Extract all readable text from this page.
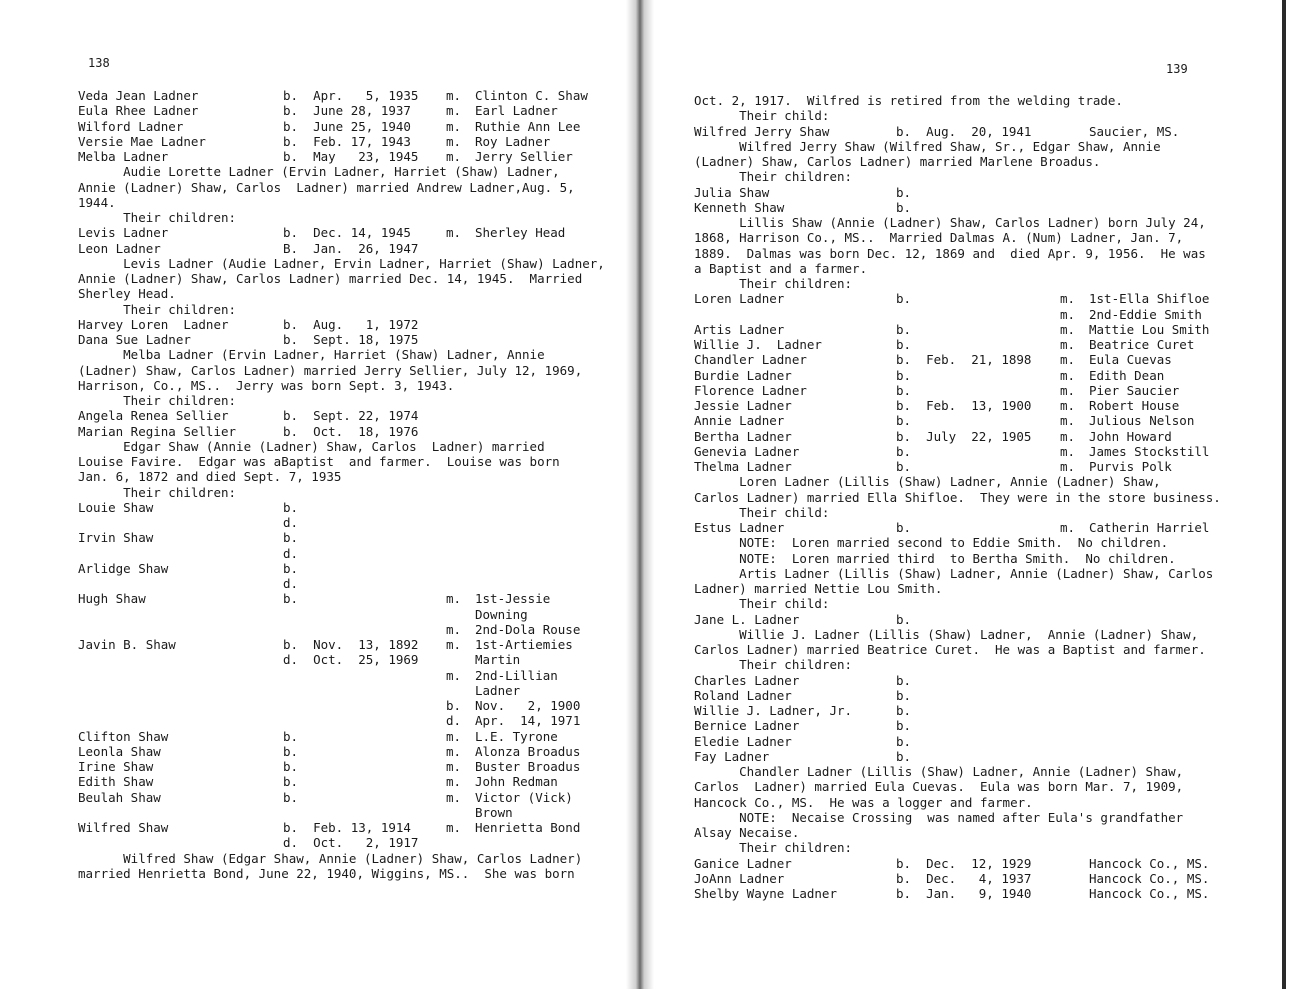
138
Veda Jean Ladner	b.  Apr.   5, 1935 m. Clinton C. Shaw
Eula Rhee Ladner	b.  June 28, 1937	m. Earl Ladner
Wilford Ladner	b.  June 25, 1940	m. Ruthie Ann Lee
Versie Mae Ladner	b.  Feb. 17, 1943	m. Roy Ladner
Melba Ladner	b.  May   23, 1945 m. Jerry Sellier
Audie Lorette Ladner (Ervin Ladner, Harriet (Shaw) Ladner,
Annie (Ladner) Shaw, Carlos  Ladner) married Andrew Ladner,Aug. 5,
1944.
Their children:
Levis Ladner	b.  Dec. 14, 1945	m. Sherley Head
Leon Ladner	B.  Jan.  26, 1947
Levis Ladner (Audie Ladner, Ervin Ladner, Harriet (Shaw) Ladner,
Annie (Ladner) Shaw, Carlos Ladner) married Dec. 14, 1945.  Married
Sherley Head.
Their children:
Harvey Loren  Ladner	b.  Aug.   1, 1972
Dana Sue Ladner	b.  Sept. 18, 1975
Melba Ladner (Ervin Ladner, Harriet (Shaw) Ladner, Annie
(Ladner) Shaw, Carlos Ladner) married Jerry Sellier, July 12, 1969,
Harrison, Co., MS..  Jerry was born Sept. 3, 1943.
Their children:
Angela Renea Sellier	b.  Sept. 22, 1974
Marian Regina Sellier	b.  Oct.  18, 1976
Edgar Shaw (Annie (Ladner) Shaw, Carlos  Ladner) married
Louise Favire.  Edgar was aBaptist  and farmer.  Louise was born
Jan. 6, 1872 and died Sept. 7, 1935
Their children:
Louie Shaw	b.
d.
Irvin Shaw	b.
d.
Arlidge Shaw	b.
d.
Hugh Shaw	b.	m. 1st-Jessie
Downing
m. 2nd-Dola Rouse
Javin B. Shaw	b.  Nov.  13, 1892 m. 1st-Artiemies
d.  Oct.  25, 1969	Martin
m. 2nd-Lillian
Ladner
b. Nov.   2, 1900
d. Apr.  14, 1971
Clifton Shaw	b.	m. L.E. Tyrone
Leonla Shaw	b.	m. Alonza Broadus
Irine Shaw	b.	m. Buster Broadus
Edith Shaw	b.	m. John Redman
Beulah Shaw	b.	m. Victor (Vick)
Brown
Wilfred Shaw	b.  Feb. 13, 1914	m. Henrietta Bond
d.  Oct.   2, 1917
Wilfred Shaw (Edgar Shaw, Annie (Ladner) Shaw, Carlos Ladner)
married Henrietta Bond, June 22, 1940, Wiggins, MS..  She was born
139
Oct. 2, 1917.  Wilfred is retired from the welding trade.
Their child:
Wilfred Jerry Shaw	b.  Aug.  20, 1941	Saucier, MS.
Wilfred Jerry Shaw (Wilfred Shaw, Sr., Edgar Shaw, Annie
(Ladner) Shaw, Carlos Ladner) married Marlene Broadus.
Their children:
Julia Shaw	b.
Kenneth Shaw	b.
Lillis Shaw (Annie (Ladner) Shaw, Carlos Ladner) born July 24,
1868, Harrison Co., MS..  Married Dalmas A. (Num) Ladner, Jan. 7,
1889.  Dalmas was born Dec. 12, 1869 and  died Apr. 9, 1956.  He was
a Baptist and a farmer.
Their children:
Loren Ladner	b.	m. 1st-Ella Shifloe
m. 2nd-Eddie Smith
Artis Ladner	b.	m. Mattie Lou Smith
Willie J.  Ladner	b.	m. Beatrice Curet
Chandler Ladner	b.  Feb.  21, 1898 m. Eula Cuevas
Burdie Ladner	b.	m. Edith Dean
Florence Ladner	b.	m. Pier Saucier
Jessie Ladner	b.  Feb.  13, 1900 m. Robert House
Annie Ladner	b.	m. Julious Nelson
Bertha Ladner	b.  July  22, 1905 m. John Howard
Genevia Ladner	b.	m. James Stockstill
Thelma Ladner	b.	m. Purvis Polk
Loren Ladner (Lillis (Shaw) Ladner, Annie (Ladner) Shaw,
Carlos Ladner) married Ella Shifloe.  They were in the store business.
Their child:
Estus Ladner	b.	m. Catherin Harriel
NOTE:  Loren married second to Eddie Smith.  No children.
NOTE:  Loren married third  to Bertha Smith.  No children.
Artis Ladner (Lillis (Shaw) Ladner, Annie (Ladner) Shaw, Carlos
Ladner) married Nettie Lou Smith.
Their child:
Jane L. Ladner	b.
Willie J. Ladner (Lillis (Shaw) Ladner,  Annie (Ladner) Shaw,
Carlos Ladner) married Beatrice Curet.  He was a Baptist and farmer.
Their children:
Charles Ladner	b.
Roland Ladner	b.
Willie J. Ladner, Jr.	b.
Bernice Ladner	b.
Eledie Ladner	b.
Fay Ladner	b.
Chandler Ladner (Lillis (Shaw) Ladner, Annie (Ladner) Shaw,
Carlos  Ladner) married Eula Cuevas.  Eula was born Mar. 7, 1909,
Hancock Co., MS.  He was a logger and farmer.
NOTE:  Necaise Crossing  was named after Eula's grandfather
Alsay Necaise.
Their children:
Ganice Ladner	b.  Dec.  12, 1929	Hancock Co., MS.
JoAnn Ladner	b.  Dec.   4, 1937	Hancock Co., MS.
Shelby Wayne Ladner	b.  Jan.   9, 1940	Hancock Co., MS.
